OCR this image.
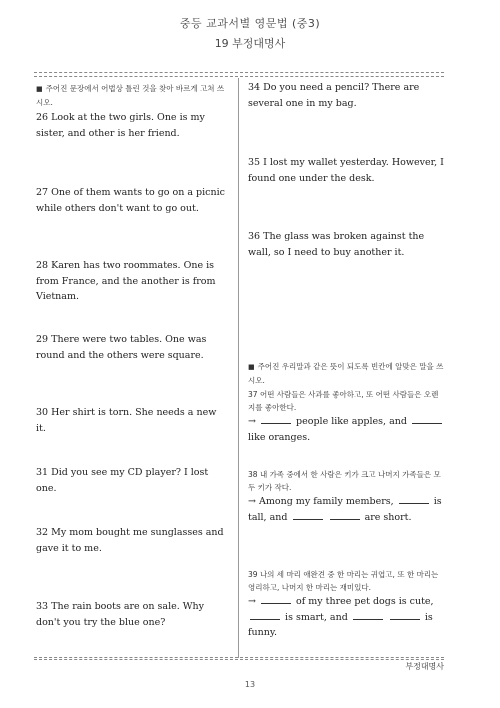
중등 교과서별 영문법 (중3)
19 부정대명사
■ 주어진 문장에서 어법상 틀린 것을 찾아 바르게 고쳐 쓰시오.
26 Look at the two girls. One is my sister, and other is her friend.
27 One of them wants to go on a picnic while others don't want to go out.
28 Karen has two roommates. One is from France, and the another is from Vietnam.
29 There were two tables. One was round and the others were square.
30 Her shirt is torn. She needs a new it.
31 Did you see my CD player? I lost one.
32 My mom bought me sunglasses and gave it to me.
33 The rain boots are on sale. Why don't you try the blue one?
34 Do you need a pencil? There are several one in my bag.
35 I lost my wallet yesterday. However, I found one under the desk.
36 The glass was broken against the wall, so I need to buy another it.
■ 주어진 우리말과 같은 뜻이 되도록 빈칸에 알맞은 말을 쓰시오.
37 어떤 사람들은 사과를 좋아하고, 또 어떤 사람들은 오렌지를 좋아한다.
→	people like apples, and  like oranges.
38 내 가족 중에서 한 사람은 키가 크고 나머지 가족들은 모두 키가 작다.
→ Among my family members,	is tall, and	are short.
39 나의 세 마리 애완견 중 한 마리는 귀엽고, 또 한 마리는 영리하고, 나머지 한 마리는 재미있다.
→	of my three pet dogs is cute,  is smart, and	is funny.
부정대명사
13
